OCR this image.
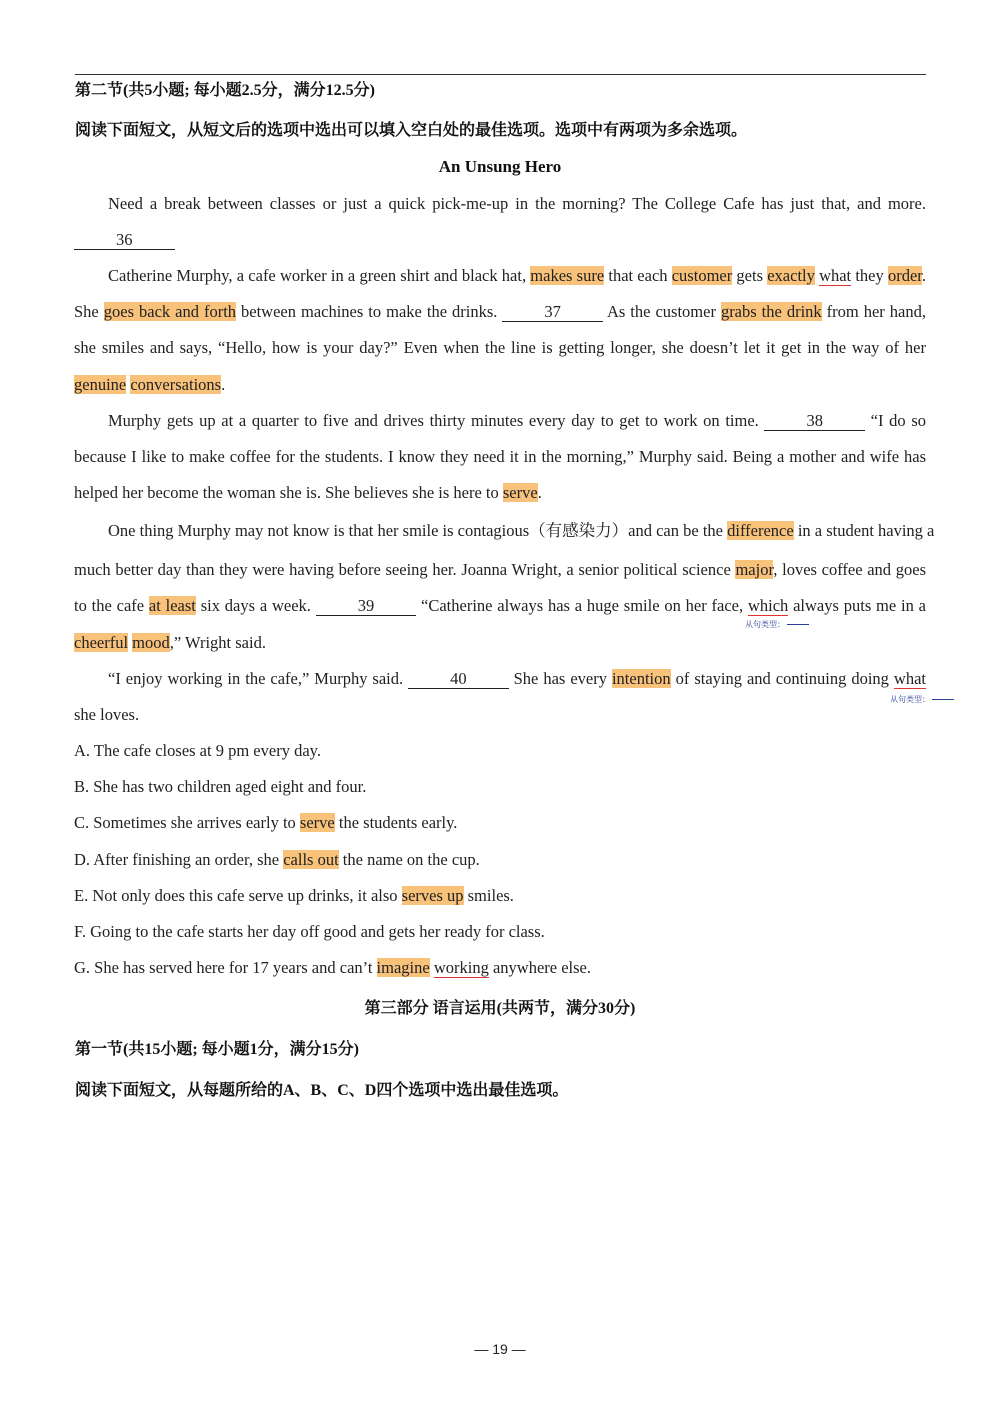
第二节(共5小题; 每小题2.5分，满分12.5分)
阅读下面短文，从短文后的选项中选出可以填入空白处的最佳选项。选项中有两项为多余选项。
An Unsung Hero
Need a break between classes or just a quick pick-me-up in the morning? The College Cafe has just that, and more.
36
Catherine Murphy, a cafe worker in a green shirt and black hat, makes sure that each customer gets exactly what they order.
She goes back and forth between machines to make the drinks.	37	As the customer grabs the drink from her hand,
she smiles and says, “Hello, how is your day?” Even when the line is getting longer, she doesn’t let it get in the way of her
genuine conversations.
Murphy gets up at a quarter to five and drives thirty minutes every day to get to work on time.	38	“I do so
because I like to make coffee for the students. I know they need it in the morning,” Murphy said. Being a mother and wife has
helped her become the woman she is. She believes she is here to serve.
One thing Murphy may not know is that her smile is contagious（有感染力）and can be the difference in a student having a
much better day than they were having before seeing her. Joanna Wright, a senior political science major, loves coffee and goes
to the cafe at least six days a week.	39	“Catherine always has a huge smile on her face, which always puts me in a
从句类型：
cheerful mood,” Wright said.
“I enjoy working in the cafe,” Murphy said.	40	She has every intention of staying and continuing doing what
从句类型：
she loves.
A. The cafe closes at 9 pm every day.
B. She has two children aged eight and four.
C. Sometimes she arrives early to serve the students early.
D. After finishing an order, she calls out the name on the cup.
E. Not only does this cafe serve up drinks, it also serves up smiles.
F. Going to the cafe starts her day off good and gets her ready for class.
G. She has served here for 17 years and can’t imagine working anywhere else.
第三部分 语言运用(共两节，满分30分)
第一节(共15小题; 每小题1分，满分15分)
阅读下面短文，从每题所给的A、B、C、D四个选项中选出最佳选项。
— 19 —
